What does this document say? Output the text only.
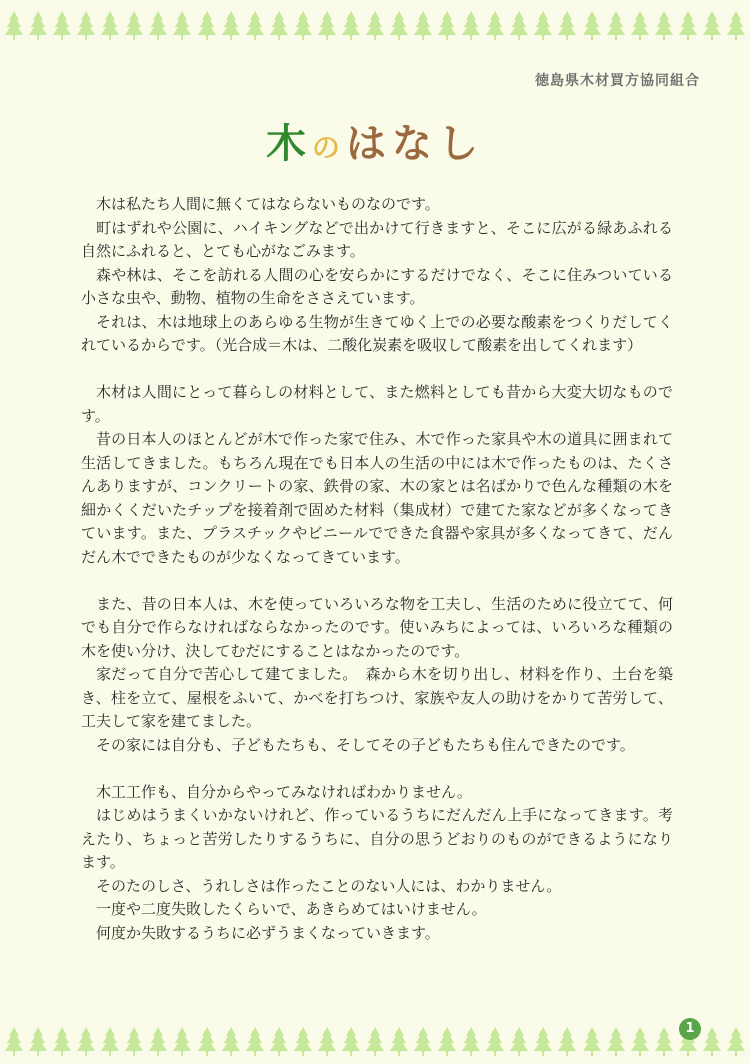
徳島県木材買方協同組合
木のはなし

木は私たち人間に無くてはならないものなのです。

町はずれや公園に、ハイキングなどで出かけて行きますと、そこに広がる緑あふれる自然にふれると、とても心がなごみます。

森や林は、そこを訪れる人間の心を安らかにするだけでなく、そこに住みついている小さな虫や、動物、植物の生命をささえています。

それは、木は地球上のあらゆる生物が生きてゆく上での必要な酸素をつくりだしてくれているからです。（光合成＝木は、二酸化炭素を吸収して酸素を出してくれます）

木材は人間にとって暮らしの材料として、また燃料としても昔から大変大切なものです。

昔の日本人のほとんどが木で作った家で住み、木で作った家具や木の道具に囲まれて生活してきました。もちろん現在でも日本人の生活の中には木で作ったものは、たくさんありますが、コンクリートの家、鉄骨の家、木の家とは名ばかりで色んな種類の木を細かくくだいたチップを接着剤で固めた材料（集成材）で建てた家などが多くなってきています。また、プラスチックやビニールでできた食器や家具が多くなってきて、だんだん木でできたものが少なくなってきています。

また、昔の日本人は、木を使っていろいろな物を工夫し、生活のために役立てて、何でも自分で作らなければならなかったのです。使いみちによっては、いろいろな種類の木を使い分け、決してむだにすることはなかったのです。

家だって自分で苦心して建てました。　森から木を切り出し、材料を作り、土台を築き、柱を立て、屋根をふいて、かべを打ちつけ、家族や友人の助けをかりて苦労して、工夫して家を建てました。

その家には自分も、子どもたちも、そしてその子どもたちも住んできたのです。

木工工作も、自分からやってみなければわかりません。

はじめはうまくいかないけれど、作っているうちにだんだん上手になってきます。考えたり、ちょっと苦労したりするうちに、自分の思うどおりのものができるようになります。

そのたのしさ、うれしさは作ったことのない人には、わかりません。

一度や二度失敗したくらいで、あきらめてはいけません。

何度か失敗するうちに必ずうまくなっていきます。

1
